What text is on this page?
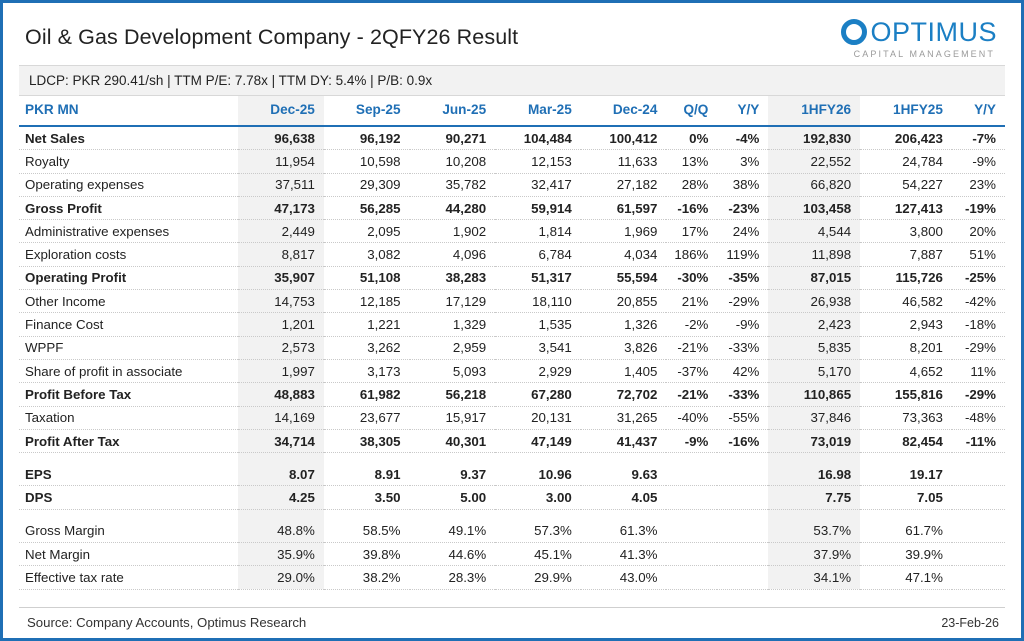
Oil & Gas Development Company - 2QFY26 Result	OPTIMUS
CAPITAL MANAGEMENT
LDCP: PKR 290.41/sh | TTM P/E: 7.78x | TTM DY: 5.4% | P/B: 0.9x
PKR MN	Dec-25	Sep-25	Jun-25	Mar-25	Dec-24	Q/Q	Y/Y	1HFY26	1HFY25	Y/Y
Net Sales	96,638	96,192	90,271	104,484	100,412	0%	-4%	192,830	206,423	-7%
Royalty	11,954	10,598	10,208	12,153	11,633	13%	3%	22,552	24,784	-9%
Operating expenses	37,511	29,309	35,782	32,417	27,182	28%	38%	66,820	54,227	23%
Gross Profit	47,173	56,285	44,280	59,914	61,597	-16%	-23%	103,458	127,413	-19%
Administrative expenses	2,449	2,095	1,902	1,814	1,969	17%	24%	4,544	3,800	20%
Exploration costs	8,817	3,082	4,096	6,784	4,034	186%	119%	11,898	7,887	51%
Operating Profit	35,907	51,108	38,283	51,317	55,594	-30%	-35%	87,015	115,726	-25%
Other Income	14,753	12,185	17,129	18,110	20,855	21%	-29%	26,938	46,582	-42%
Finance Cost	1,201	1,221	1,329	1,535	1,326	-2%	-9%	2,423	2,943	-18%
WPPF	2,573	3,262	2,959	3,541	3,826	-21%	-33%	5,835	8,201	-29%
Share of profit in associate	1,997	3,173	5,093	2,929	1,405	-37%	42%	5,170	4,652	11%
Profit Before Tax	48,883	61,982	56,218	67,280	72,702	-21%	-33%	110,865	155,816	-29%
Taxation	14,169	23,677	15,917	20,131	31,265	-40%	-55%	37,846	73,363	-48%
Profit After Tax	34,714	38,305	40,301	47,149	41,437	-9%	-16%	73,019	82,454	-11%

EPS	8.07	8.91	9.37	10.96	9.63			16.98	19.17	
DPS	4.25	3.50	5.00	3.00	4.05			7.75	7.05	

Gross Margin	48.8%	58.5%	49.1%	57.3%	61.3%			53.7%	61.7%	
Net Margin	35.9%	39.8%	44.6%	45.1%	41.3%			37.9%	39.9%	
Effective tax rate	29.0%	38.2%	28.3%	29.9%	43.0%			34.1%	47.1%	
Source: Company Accounts, Optimus Research	23-Feb-26
